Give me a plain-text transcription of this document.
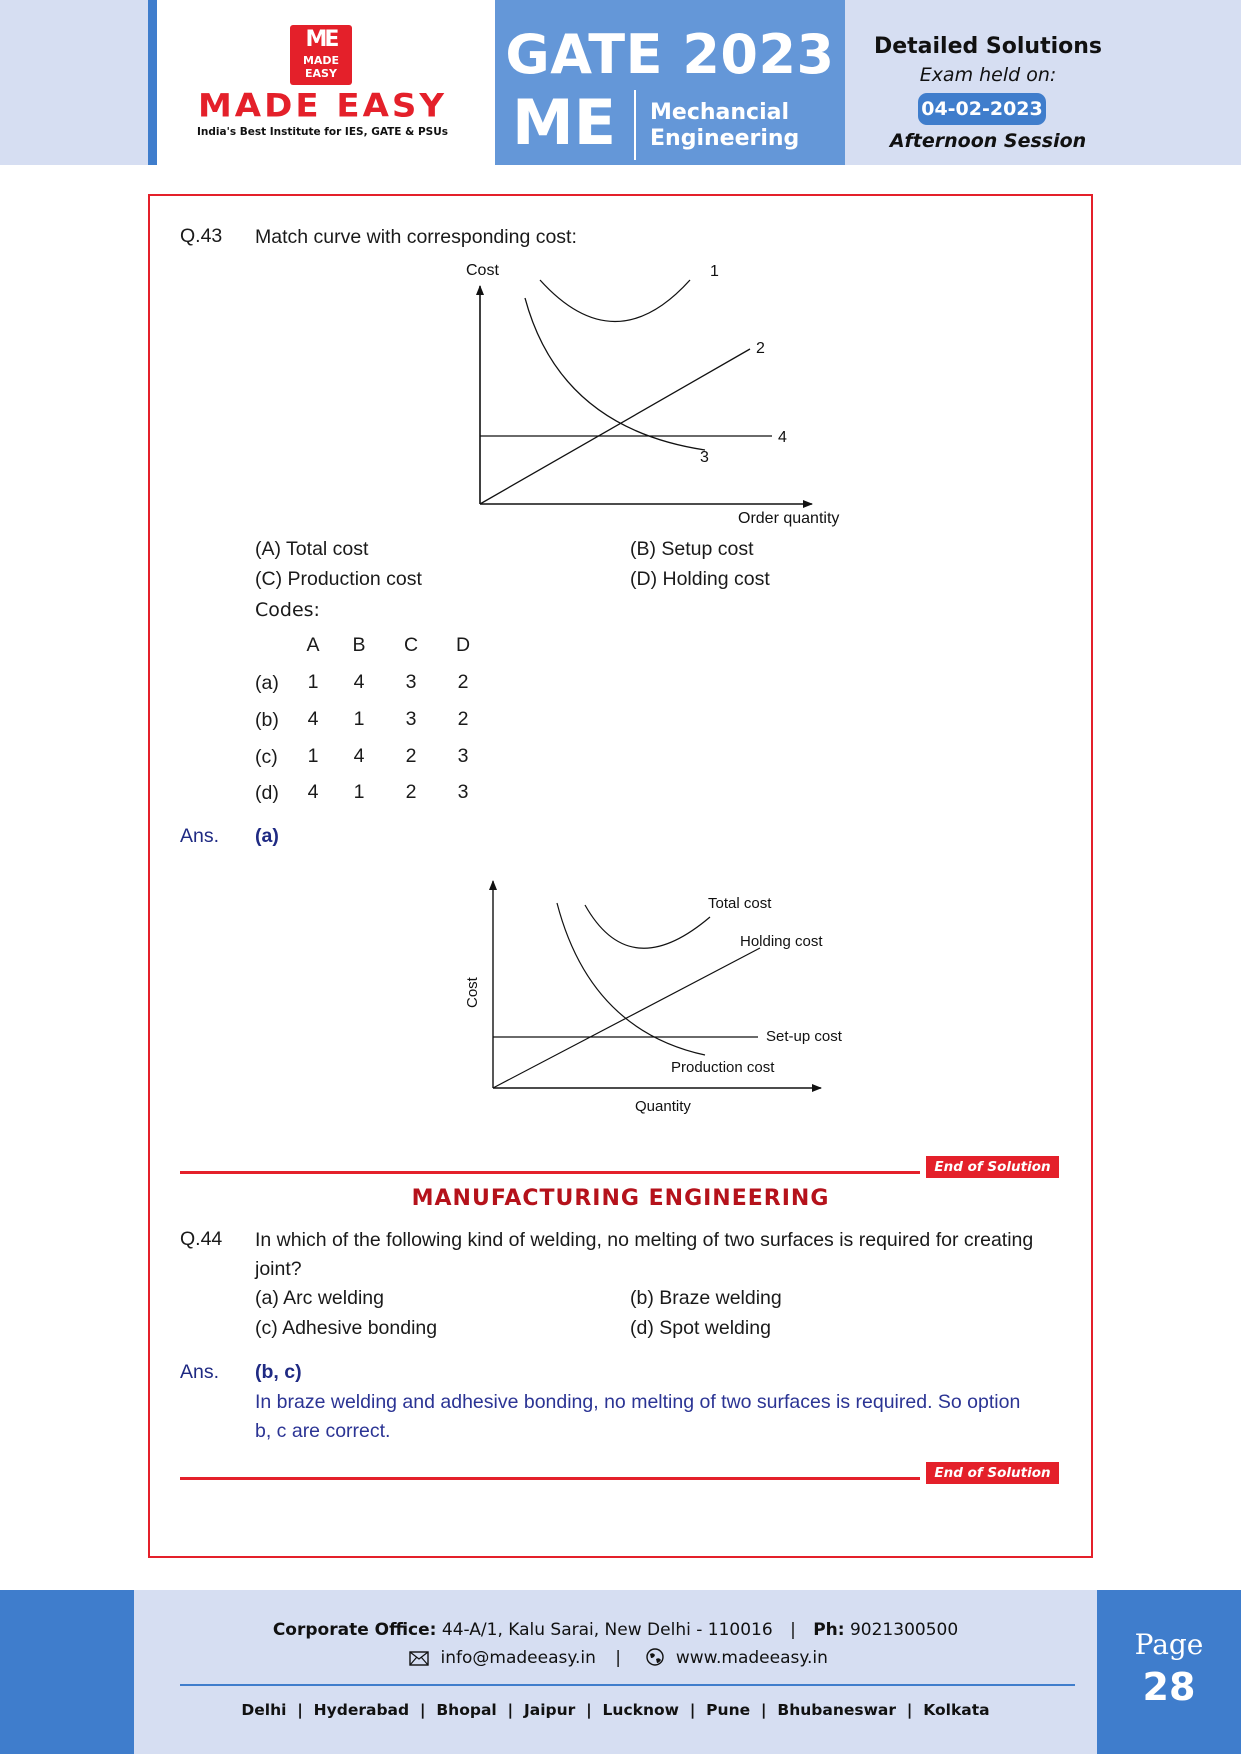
ME
MADE
EASY
MADE EASY
India's Best Institute for IES, GATE & PSUs
GATE 2023
ME Mechancial
Engineering
Detailed Solutions
Exam held on:
04-02-2023
Afternoon Session
Q.43 Match curve with corresponding cost:
Cost
Order quantity
1
2
3
4
(A) Total cost	(B) Setup cost
(C) Production cost	(D) Holding cost
Codes:
A	B	C	D
(a)	1	4	3	2
(b)	4	1	3	2
(c)	1	4	2	3
(d)	4	1	2	3
Ans. (a)
Cost
Quantity
Total cost
Holding cost
Set-up cost
Production cost
End of Solution
MANUFACTURING ENGINEERING
Q.44 In which of the following kind of welding, no melting of two surfaces is required for creating
joint?
(a) Arc welding	(b) Braze welding
(c) Adhesive bonding	(d) Spot welding
Ans. (b, c)
In braze welding and adhesive bonding, no melting of two surfaces is required. So option
b, c are correct.
End of Solution
Corporate Office: 44-A/1, Kalu Sarai, New Delhi - 110016 | Ph: 9021300500
info@madeeasy.in |	www.madeeasy.in
Delhi  |  Hyderabad  |  Bhopal  |  Jaipur  |  Lucknow  |  Pune  |  Bhubaneswar  |  Kolkata
Page
28
